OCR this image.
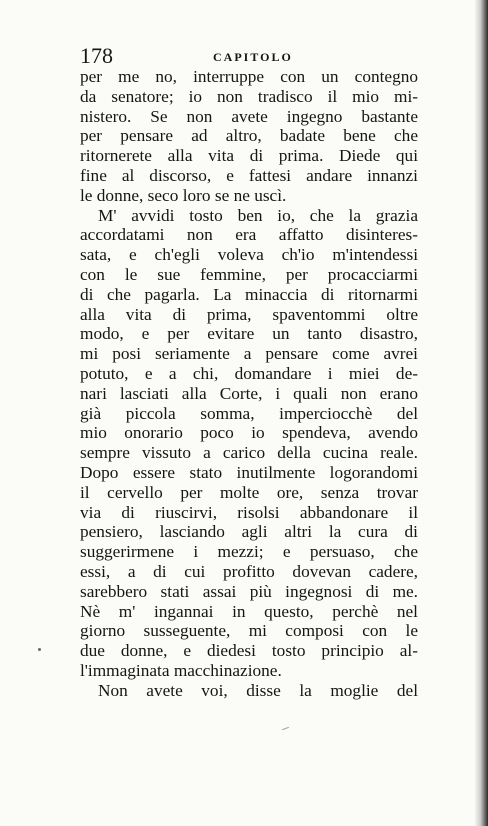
178	CAPITOLO
per me no, interruppe con un contegno
da senatore; io non tradisco il mio mi-
nistero. Se non avete ingegno bastante
per pensare ad altro, badate bene che
ritornerete alla vita di prima. Diede qui
fine al discorso, e fattesi andare innanzi
le donne, seco loro se ne uscì.
M' avvidi tosto ben io, che la grazia
accordatami non era affatto disinteres-
sata, e ch'egli voleva ch'io m'intendessi
con le sue femmine, per procacciarmi
di che pagarla. La minaccia di ritornarmi
alla vita di prima, spaventommi oltre
modo, e per evitare un tanto disastro,
mi posi seriamente a pensare come avrei
potuto, e a chi, domandare i miei de-
nari lasciati alla Corte, i quali non erano
già piccola somma, imperciocchè del
mio onorario poco io spendeva, avendo
sempre vissuto a carico della cucina reale.
Dopo essere stato inutilmente logorandomi
il cervello per molte ore, senza trovar
via di riuscirvi, risolsi abbandonare il
pensiero, lasciando agli altri la cura di
suggerirmene i mezzi; e persuaso, che
essi, a di cui profitto dovevan cadere,
sarebbero stati assai più ingegnosi di me.
Nè m' ingannai in questo, perchè nel
giorno susseguente, mi composi con le
due donne, e diedesi tosto principio al-
l'immaginata macchinazione.
Non avete voi, disse la moglie del
